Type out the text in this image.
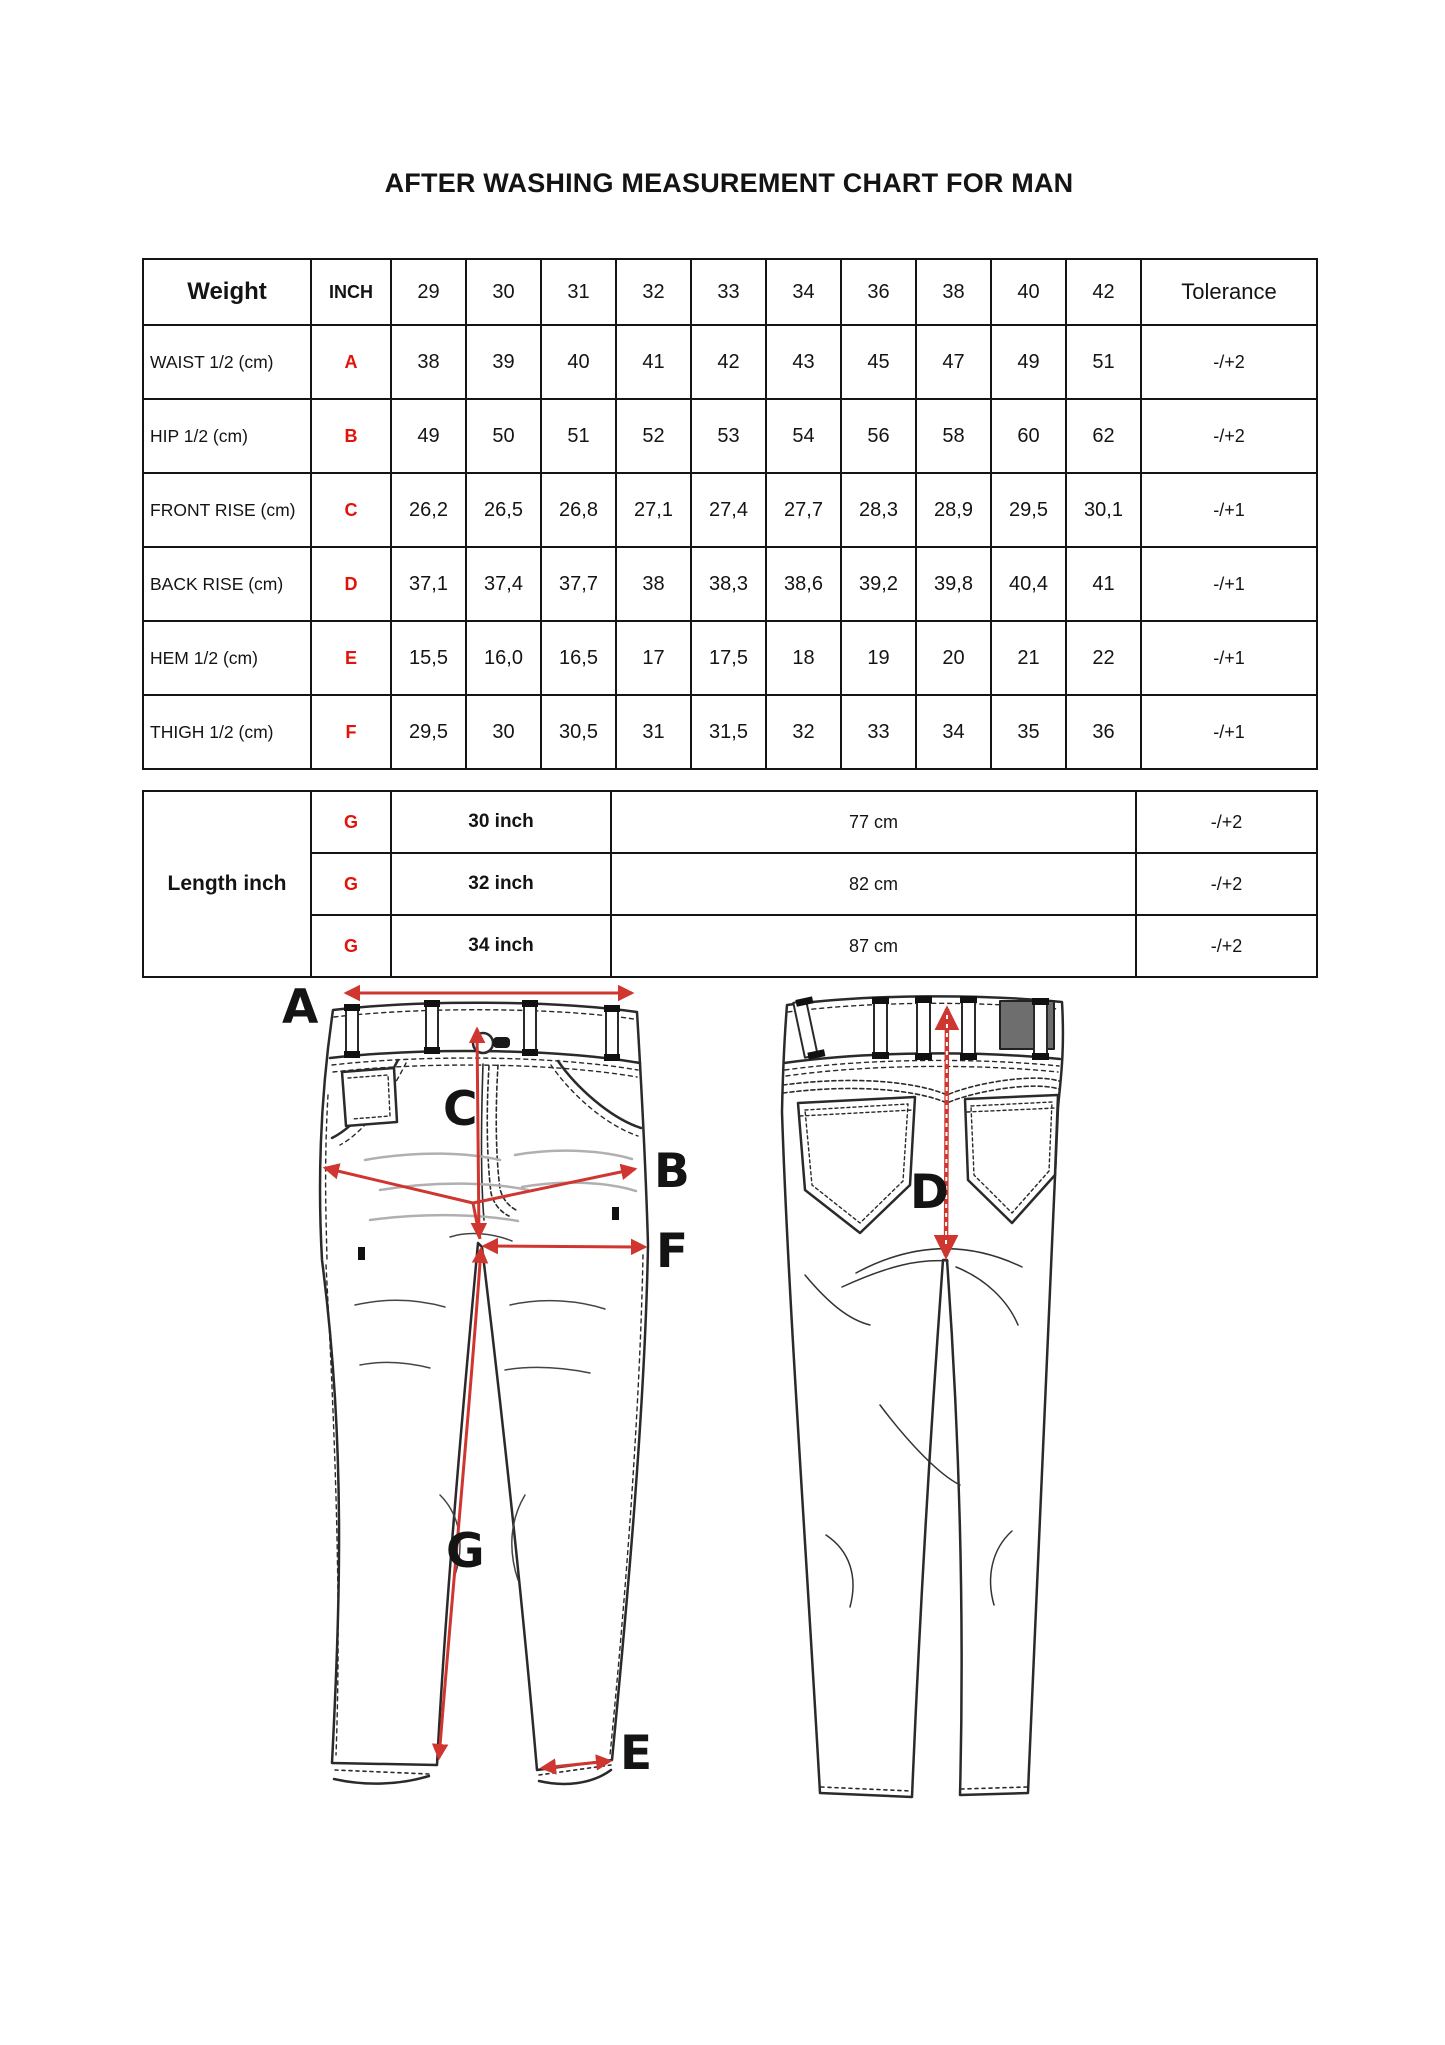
AFTER WASHING MEASUREMENT CHART FOR MAN
Weight	INCH	29	30	31	32	33	34	36	38	40	42	Tolerance
WAIST 1/2 (cm)	A	38	39	40	41	42	43	45	47	49	51	-/+2
HIP 1/2 (cm)	B	49	50	51	52	53	54	56	58	60	62	-/+2
FRONT RISE (cm)	C	26,2	26,5	26,8	27,1	27,4	27,7	28,3	28,9	29,5	30,1	-/+1
BACK RISE (cm)	D	37,1	37,4	37,7	38	38,3	38,6	39,2	39,8	40,4	41	-/+1
HEM 1/2 (cm)	E	15,5	16,0	16,5	17	17,5	18	19	20	21	22	-/+1
THIGH 1/2 (cm)	F	29,5	30	30,5	31	31,5	32	33	34	35	36	-/+1
Length inch	G	30 inch	77 cm	-/+2
	G	32 inch	82 cm	-/+2
	G	34 inch	87 cm	-/+2
A
C
B
F
G
E
D
